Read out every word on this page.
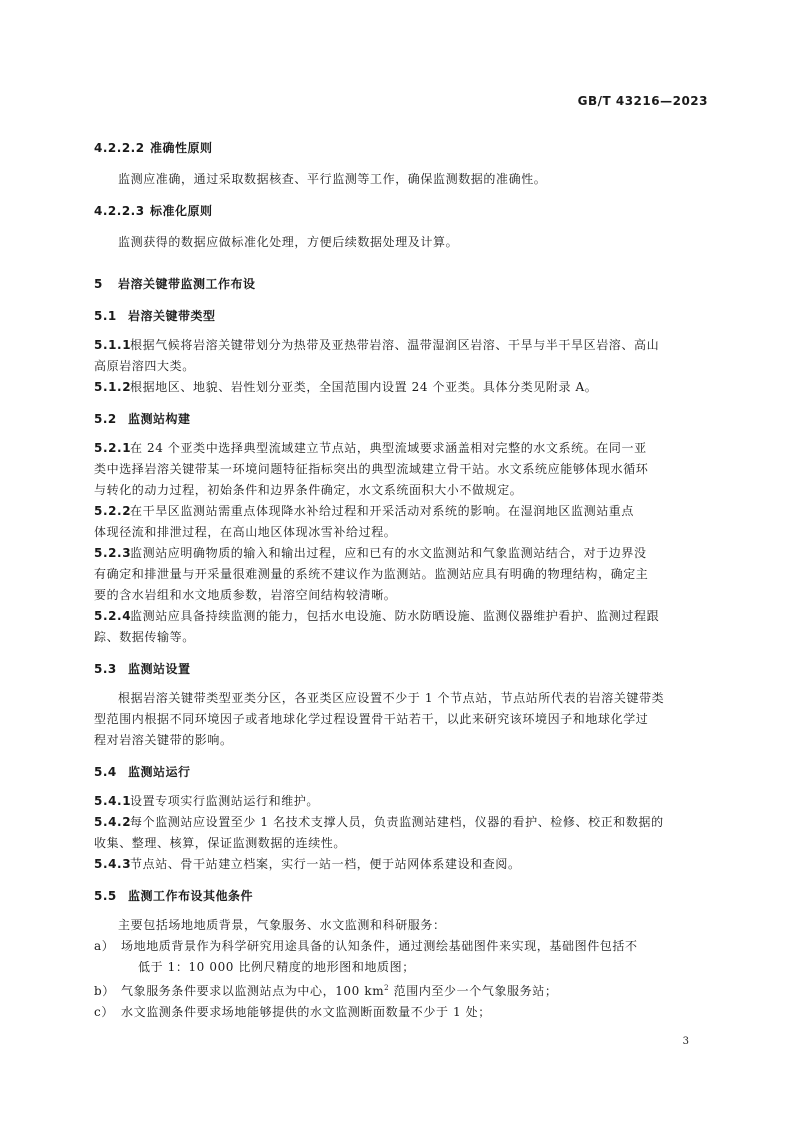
GB/T 43216—2023
4.2.2.2 准确性原则
监测应准确，通过采取数据核查、平行监测等工作，确保监测数据的准确性。
4.2.2.3 标准化原则
监测获得的数据应做标准化处理，方便后续数据处理及计算。
5 岩溶关键带监测工作布设
5.1 岩溶关键带类型
5.1.1根据气候将岩溶关键带划分为热带及亚热带岩溶、温带湿润区岩溶、干旱与半干旱区岩溶、高山
高原岩溶四大类。
5.1.2根据地区、地貌、岩性划分亚类，全国范围内设置 24 个亚类。具体分类见附录 A。
5.2 监测站构建
5.2.1在 24 个亚类中选择典型流域建立节点站，典型流域要求涵盖相对完整的水文系统。在同一亚
类中选择岩溶关键带某一环境问题特征指标突出的典型流域建立骨干站。水文系统应能够体现水循环
与转化的动力过程，初始条件和边界条件确定，水文系统面积大小不做规定。
5.2.2在干旱区监测站需重点体现降水补给过程和开采活动对系统的影响。在湿润地区监测站重点
体现径流和排泄过程，在高山地区体现冰雪补给过程。
5.2.3监测站应明确物质的输入和输出过程，应和已有的水文监测站和气象监测站结合，对于边界没
有确定和排泄量与开采量很难测量的系统不建议作为监测站。监测站应具有明确的物理结构，确定主
要的含水岩组和水文地质参数，岩溶空间结构较清晰。
5.2.4监测站应具备持续监测的能力，包括水电设施、防水防晒设施、监测仪器维护看护、监测过程跟
踪、数据传输等。
5.3 监测站设置
根据岩溶关键带类型亚类分区，各亚类区应设置不少于 1 个节点站，节点站所代表的岩溶关键带类
型范围内根据不同环境因子或者地球化学过程设置骨干站若干，以此来研究该环境因子和地球化学过
程对岩溶关键带的影响。
5.4 监测站运行
5.4.1设置专项实行监测站运行和维护。
5.4.2每个监测站应设置至少 1 名技术支撑人员，负责监测站建档，仪器的看护、检修、校正和数据的
收集、整理、核算，保证监测数据的连续性。
5.4.3节点站、骨干站建立档案，实行一站一档，便于站网体系建设和查阅。
5.5 监测工作布设其他条件
主要包括场地地质背景，气象服务、水文监测和科研服务：
a） 场地地质背景作为科学研究用途具备的认知条件，通过测绘基础图件来实现，基础图件包括不
低于 1：10 000 比例尺精度的地形图和地质图；
b） 气象服务条件要求以监测站点为中心，100 $km^2$ 范围内至少一个气象服务站；
c） 水文监测条件要求场地能够提供的水文监测断面数量不少于 1 处；
3
